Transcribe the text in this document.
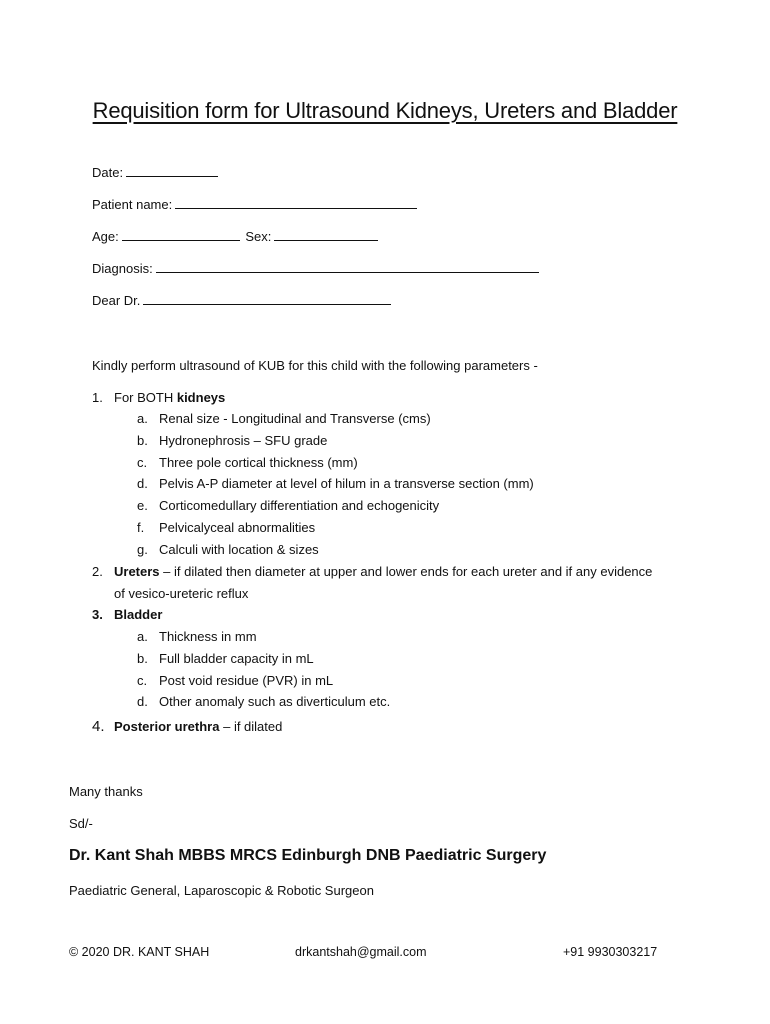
Requisition form for Ultrasound Kidneys, Ureters and Bladder
Date:
Patient name:
Age:	Sex:
Diagnosis:
Dear Dr.
Kindly perform ultrasound of KUB for this child with the following parameters -
1. For BOTH kidneys
a. Renal size - Longitudinal and Transverse (cms)
b. Hydronephrosis – SFU grade
c. Three pole cortical thickness (mm)
d. Pelvis A-P diameter at level of hilum in a transverse section (mm)
e. Corticomedullary differentiation and echogenicity
f. Pelvicalyceal abnormalities
g. Calculi with location & sizes
2. Ureters – if dilated then diameter at upper and lower ends for each ureter and if any evidence
of vesico-ureteric reflux
3. Bladder
a. Thickness in mm
b. Full bladder capacity in mL
c. Post void residue (PVR) in mL
d. Other anomaly such as diverticulum etc.
4. Posterior urethra – if dilated
Many thanks
Sd/-
Dr. Kant Shah MBBS MRCS Edinburgh DNB Paediatric Surgery
Paediatric General, Laparoscopic & Robotic Surgeon
© 2020 DR. KANT SHAH	drkantshah@gmail.com	+91 9930303217
